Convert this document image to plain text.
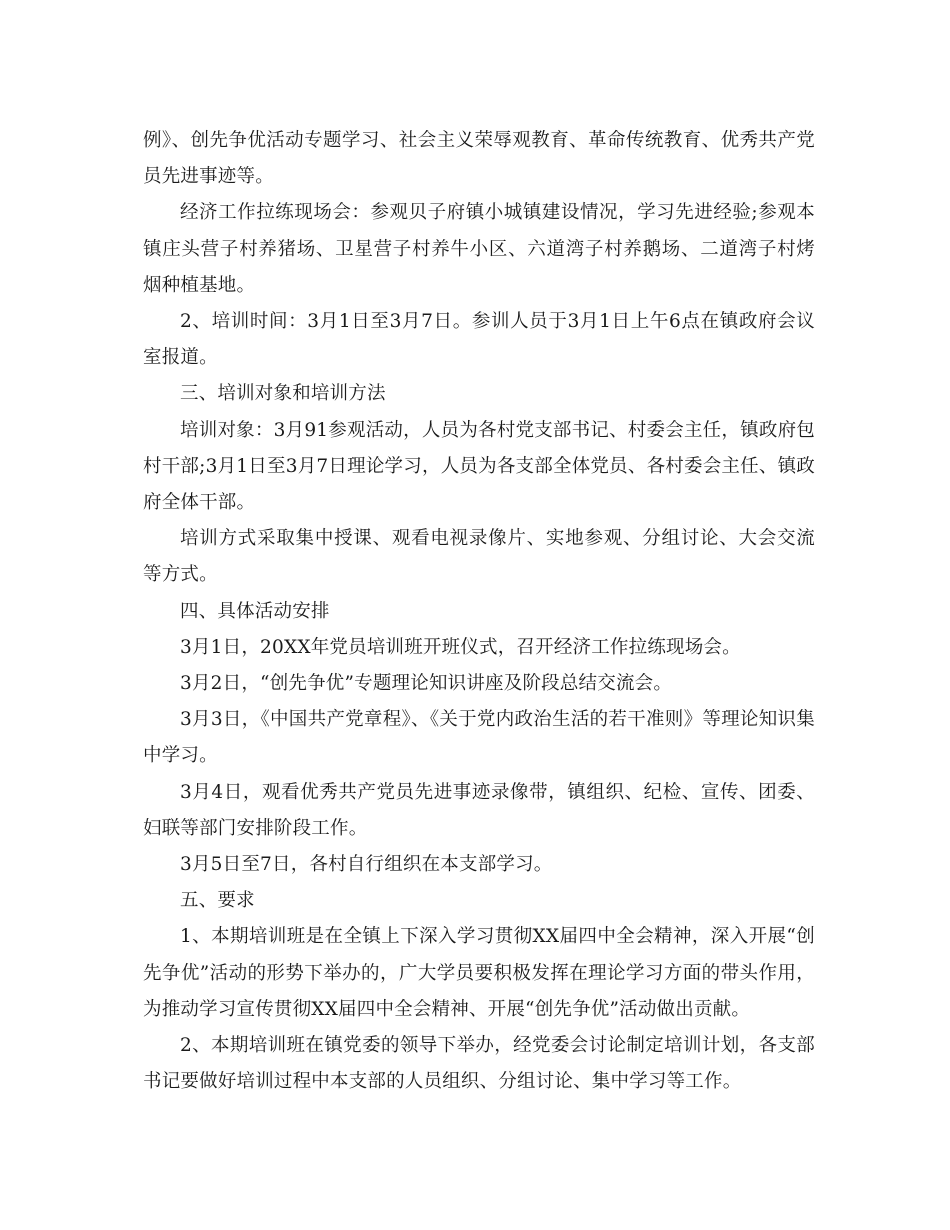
例》、创先争优活动专题学习、社会主义荣辱观教育、革命传统教育、优秀共产党员先进事迹等。

经济工作拉练现场会：参观贝子府镇小城镇建设情况，学习先进经验;参观本镇庄头营子村养猪场、卫星营子村养牛小区、六道湾子村养鹅场、二道湾子村烤烟种植基地。

2、培训时间：3月1日至3月7日。参训人员于3月1日上午6点在镇政府会议室报道。

三、培训对象和培训方法

培训对象：3月91参观活动，人员为各村党支部书记、村委会主任，镇政府包村干部;3月1日至3月7日理论学习，人员为各支部全体党员、各村委会主任、镇政府全体干部。

培训方式采取集中授课、观看电视录像片、实地参观、分组讨论、大会交流等方式。

四、具体活动安排

3月1日，20XX年党员培训班开班仪式，召开经济工作拉练现场会。

3月2日，“创先争优”专题理论知识讲座及阶段总结交流会。

3月3日，《中国共产党章程》、《关于党内政治生活的若干准则》等理论知识集中学习。

3月4日，观看优秀共产党员先进事迹录像带，镇组织、纪检、宣传、团委、妇联等部门安排阶段工作。

3月5日至7日，各村自行组织在本支部学习。

五、要求

1、本期培训班是在全镇上下深入学习贯彻XX届四中全会精神，深入开展“创先争优”活动的形势下举办的，广大学员要积极发挥在理论学习方面的带头作用，为推动学习宣传贯彻XX届四中全会精神、开展“创先争优”活动做出贡献。

2、本期培训班在镇党委的领导下举办，经党委会讨论制定培训计划，各支部书记要做好培训过程中本支部的人员组织、分组讨论、集中学习等工作。
